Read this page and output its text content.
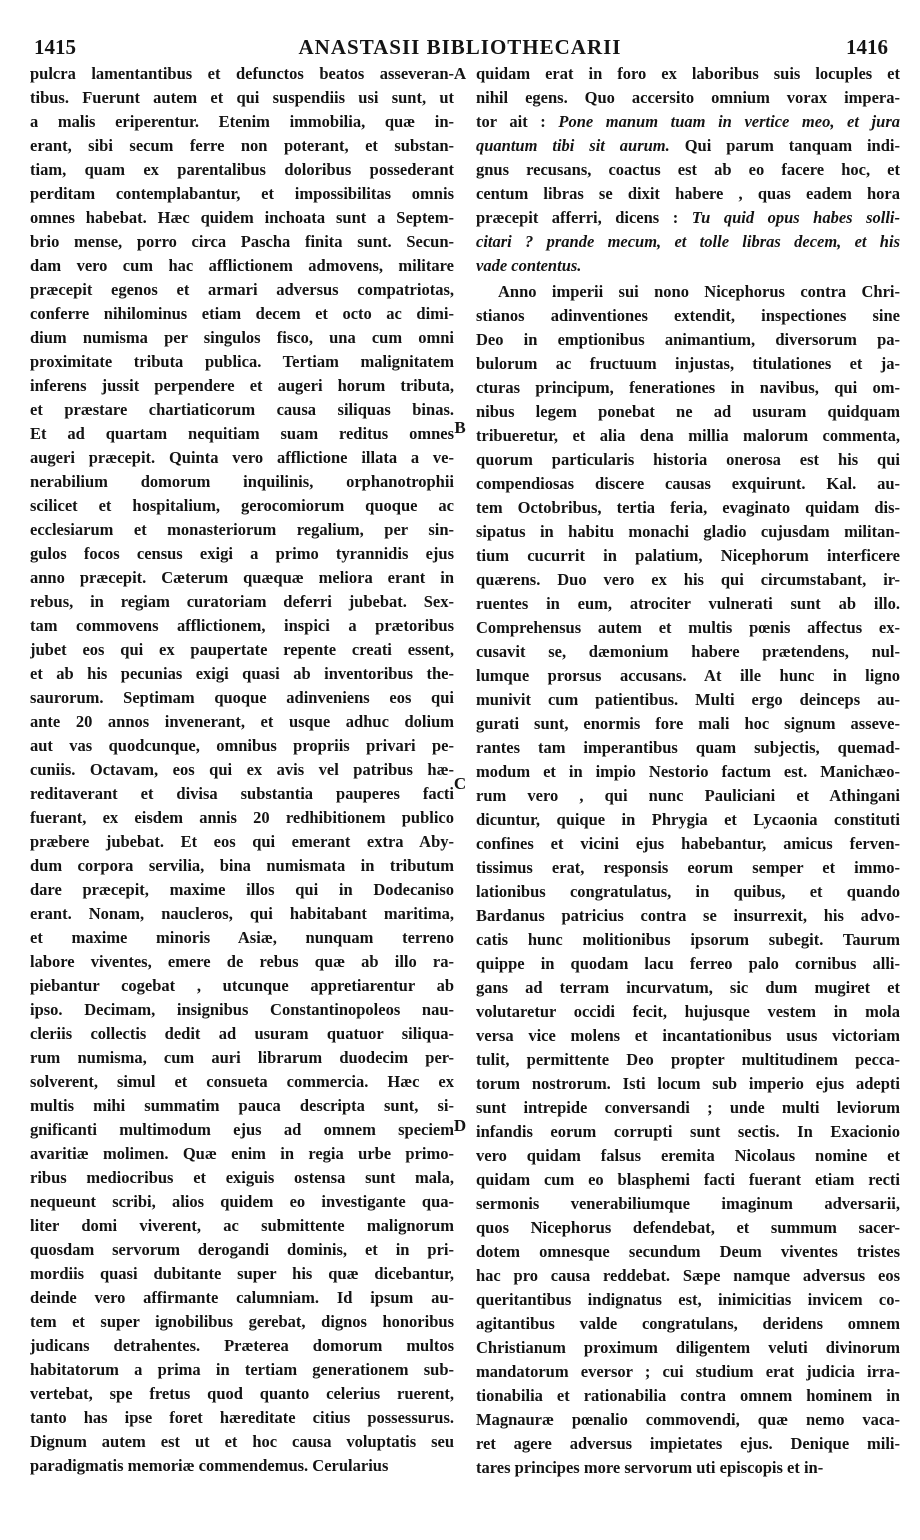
1415	ANASTASII BIBLIOTHECARII	1416
pulcra lamentantibus et defunctos beatos asseveran-
tibus. Fuerunt autem et qui suspendiis usi sunt, ut
a malis eriperentur. Etenim immobilia, quæ in-
erant, sibi secum ferre non poterant, et substan-
tiam, quam ex parentalibus doloribus possederant
perditam contemplabantur, et impossibilitas omnis
omnes habebat. Hæc quidem inchoata sunt a Septem-
brio mense, porro circa Pascha finita sunt. Secun-
dam vero cum hac afflictionem admovens, militare
præcepit egenos et armari adversus compatriotas,
conferre nihilominus etiam decem et octo ac dimi-
dium numisma per singulos fisco, una cum omni
proximitate tributa publica. Tertiam malignitatem
inferens jussit perpendere et augeri horum tributa,
et præstare chartiaticorum causa siliquas binas.
Et ad quartam nequitiam suam reditus omnes
augeri præcepit. Quinta vero afflictione illata a ve-
nerabilium domorum inquilinis, orphanotrophii
scilicet et hospitalium, gerocomiorum quoque ac
ecclesiarum et monasteriorum regalium, per sin-
gulos focos census exigi a primo tyrannidis ejus
anno præcepit. Cæterum quæquæ meliora erant in
rebus, in regiam curatoriam deferri jubebat. Sex-
tam commovens afflictionem, inspici a prætoribus
jubet eos qui ex paupertate repente creati essent,
et ab his pecunias exigi quasi ab inventoribus the-
saurorum. Septimam quoque adinveniens eos qui
ante 20 annos invenerant, et usque adhuc dolium
aut vas quodcunque, omnibus propriis privari pe-
cuniis. Octavam, eos qui ex avis vel patribus hæ-
reditaverant et divisa substantia pauperes facti
fuerant, ex eisdem annis 20 redhibitionem publico
præbere jubebat. Et eos qui emerant extra Aby-
dum corpora servilia, bina numismata in tributum
dare præcepit, maxime illos qui in Dodecaniso
erant. Nonam, naucleros, qui habitabant maritima,
et maxime minoris Asiæ, nunquam terreno
labore viventes, emere de rebus quæ ab illo ra-
piebantur cogebat , utcunque appretiarentur ab
ipso. Decimam, insignibus Constantinopoleos nau-
cleriis collectis dedit ad usuram quatuor siliqua-
rum numisma, cum auri librarum duodecim per-
solverent, simul et consueta commercia. Hæc ex
multis mihi summatim pauca descripta sunt, si-
gnificanti multimodum ejus ad omnem speciem
avaritiæ molimen. Quæ enim in regia urbe primo-
ribus mediocribus et exiguis ostensa sunt mala,
nequeunt scribi, alios quidem eo investigante qua-
liter domi viverent, ac submittente malignorum
quosdam servorum derogandi dominis, et in pri-
mordiis quasi dubitante super his quæ dicebantur,
deinde vero affirmante calumniam. Id ipsum au-
tem et super ignobilibus gerebat, dignos honoribus
judicans detrahentes. Præterea domorum multos
habitatorum a prima in tertiam generationem sub-
vertebat, spe fretus quod quanto celerius ruerent,
tanto has ipse foret hæreditate citius possessurus.
Dignum autem est ut et hoc causa voluptatis seu
paradigmatis memoriæ commendemus. Cerularius
quidam erat in foro ex laboribus suis locuples et
nihil egens. Quo accersito omnium vorax impera-
tor ait : Pone manum tuam in vertice meo, et jura
quantum tibi sit aurum. Qui parum tanquam indi-
gnus recusans, coactus est ab eo facere hoc, et
centum libras se dixit habere , quas eadem hora
præcepit afferri, dicens : Tu quid opus habes solli-
citari ? prande mecum, et tolle libras decem, et his
vade contentus.
Anno imperii sui nono Nicephorus contra Chri-
stianos adinventiones extendit, inspectiones sine
Deo in emptionibus animantium, diversorum pa-
bulorum ac fructuum injustas, titulationes et ja-
cturas principum, fenerationes in navibus, qui om-
nibus legem ponebat ne ad usuram quidquam
tribueretur, et alia dena millia malorum commenta,
quorum particularis historia onerosa est his qui
compendiosas discere causas exquirunt. Kal. au-
tem Octobribus, tertia feria, evaginato quidam dis-
sipatus in habitu monachi gladio cujusdam militan-
tium cucurrit in palatium, Nicephorum interficere
quærens. Duo vero ex his qui circumstabant, ir-
ruentes in eum, atrociter vulnerati sunt ab illo.
Comprehensus autem et multis pœnis affectus ex-
cusavit se, dæmonium habere prætendens, nul-
lumque prorsus accusans. At ille hunc in ligno
munivit cum patientibus. Multi ergo deinceps au-
gurati sunt, enormis fore mali hoc signum asseve-
rantes tam imperantibus quam subjectis, quemad-
modum et in impio Nestorio factum est. Manichæo-
rum vero , qui nunc Pauliciani et Athingani
dicuntur, quique in Phrygia et Lycaonia constituti
confines et vicini ejus habebantur, amicus ferven-
tissimus erat, responsis eorum semper et immo-
lationibus congratulatus, in quibus, et quando
Bardanus patricius contra se insurrexit, his advo-
catis hunc molitionibus ipsorum subegit. Taurum
quippe in quodam lacu ferreo palo cornibus alli-
gans ad terram incurvatum, sic dum mugiret et
volutaretur occidi fecit, hujusque vestem in mola
versa vice molens et incantationibus usus victoriam
tulit, permittente Deo propter multitudinem pecca-
torum nostrorum. Isti locum sub imperio ejus adepti
sunt intrepide conversandi ; unde multi leviorum
infandis eorum corrupti sunt sectis. In Exacionio
vero quidam falsus eremita Nicolaus nomine et
quidam cum eo blasphemi facti fuerant etiam recti
sermonis venerabiliumque imaginum adversarii,
quos Nicephorus defendebat, et summum sacer-
dotem omnesque secundum Deum viventes tristes
hac pro causa reddebat. Sæpe namque adversus eos
queritantibus indignatus est, inimicitias invicem co-
agitantibus valde congratulans, deridens omnem
Christianum proximum diligentem veluti divinorum
mandatorum eversor ; cui studium erat judicia irra-
tionabilia et rationabilia contra omnem hominem in
Magnauræ pœnalio commovendi, quæ nemo vaca-
ret agere adversus impietates ejus. Denique mili-
tares principes more servorum uti episcopis et in-
A
B
C
D
